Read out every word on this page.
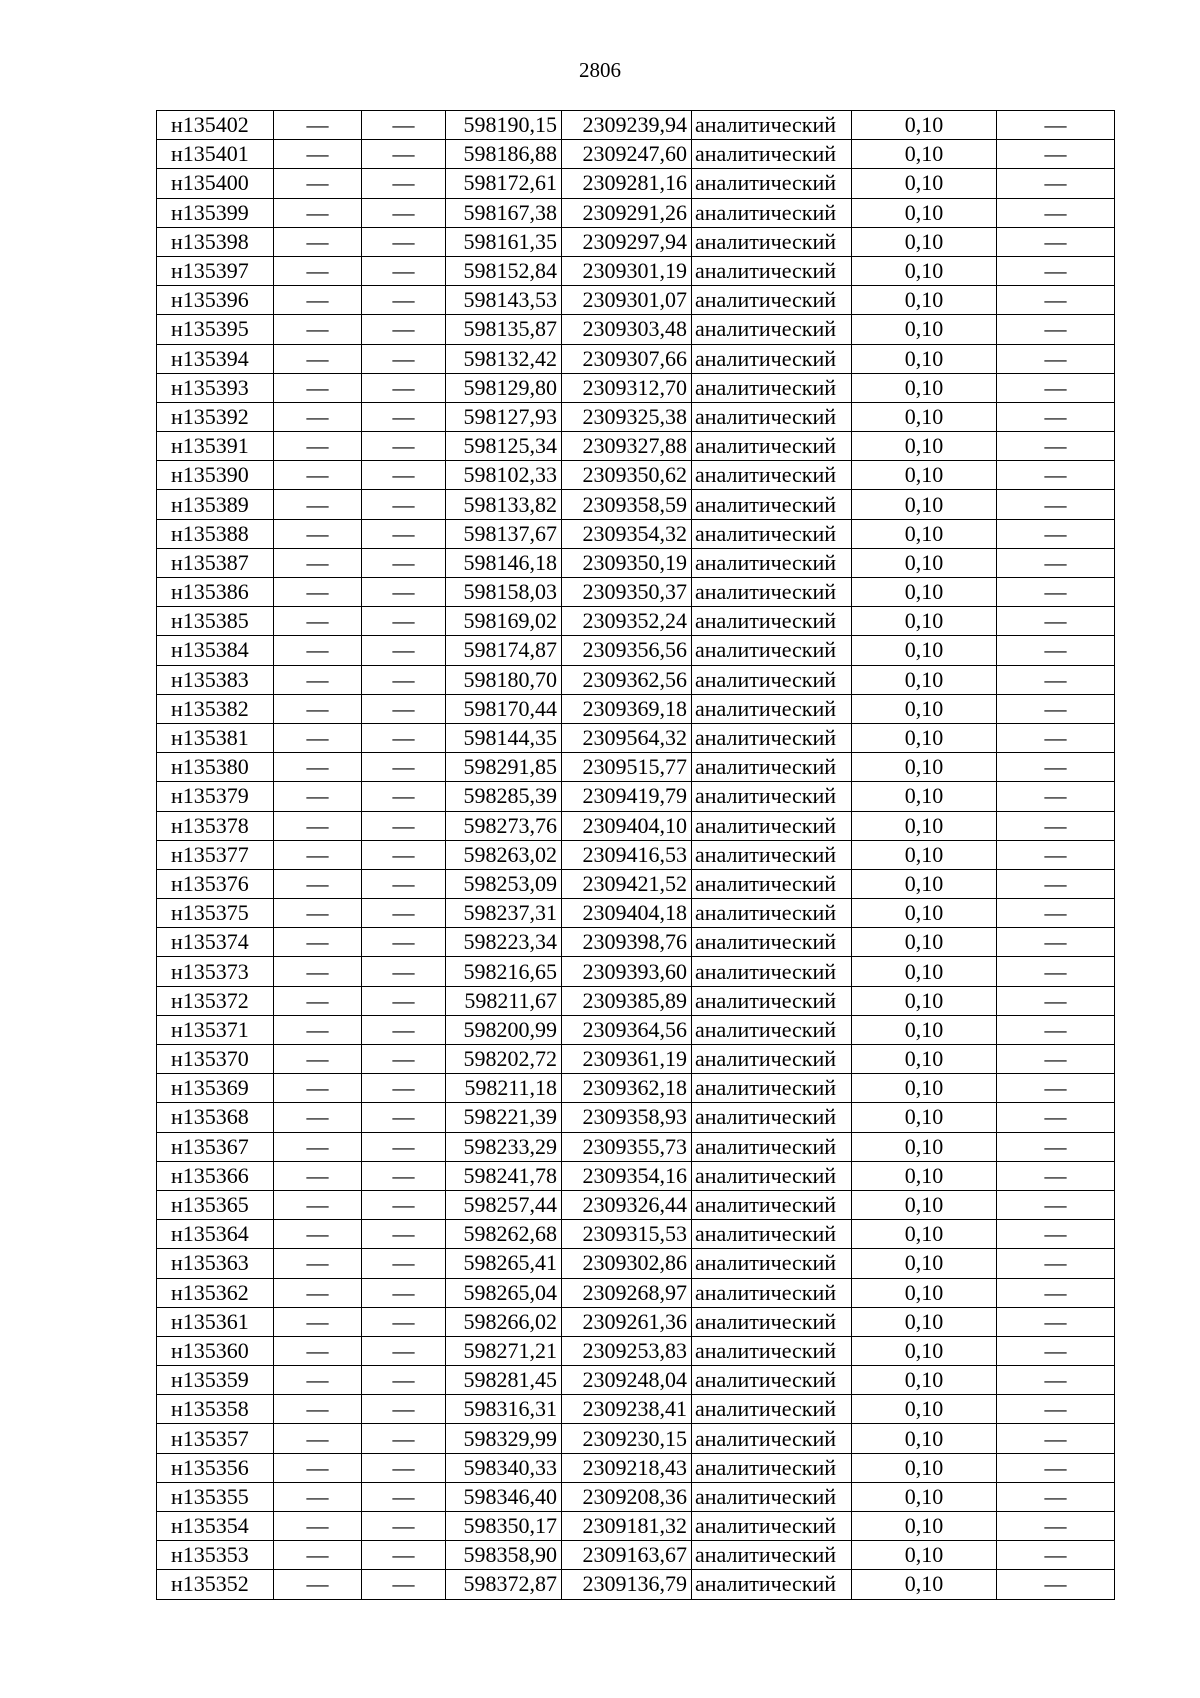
2806
н135402	—	—	598190,15	2309239,94	аналитический	0,10	—
н135401	—	—	598186,88	2309247,60	аналитический	0,10	—
н135400	—	—	598172,61	2309281,16	аналитический	0,10	—
н135399	—	—	598167,38	2309291,26	аналитический	0,10	—
н135398	—	—	598161,35	2309297,94	аналитический	0,10	—
н135397	—	—	598152,84	2309301,19	аналитический	0,10	—
н135396	—	—	598143,53	2309301,07	аналитический	0,10	—
н135395	—	—	598135,87	2309303,48	аналитический	0,10	—
н135394	—	—	598132,42	2309307,66	аналитический	0,10	—
н135393	—	—	598129,80	2309312,70	аналитический	0,10	—
н135392	—	—	598127,93	2309325,38	аналитический	0,10	—
н135391	—	—	598125,34	2309327,88	аналитический	0,10	—
н135390	—	—	598102,33	2309350,62	аналитический	0,10	—
н135389	—	—	598133,82	2309358,59	аналитический	0,10	—
н135388	—	—	598137,67	2309354,32	аналитический	0,10	—
н135387	—	—	598146,18	2309350,19	аналитический	0,10	—
н135386	—	—	598158,03	2309350,37	аналитический	0,10	—
н135385	—	—	598169,02	2309352,24	аналитический	0,10	—
н135384	—	—	598174,87	2309356,56	аналитический	0,10	—
н135383	—	—	598180,70	2309362,56	аналитический	0,10	—
н135382	—	—	598170,44	2309369,18	аналитический	0,10	—
н135381	—	—	598144,35	2309564,32	аналитический	0,10	—
н135380	—	—	598291,85	2309515,77	аналитический	0,10	—
н135379	—	—	598285,39	2309419,79	аналитический	0,10	—
н135378	—	—	598273,76	2309404,10	аналитический	0,10	—
н135377	—	—	598263,02	2309416,53	аналитический	0,10	—
н135376	—	—	598253,09	2309421,52	аналитический	0,10	—
н135375	—	—	598237,31	2309404,18	аналитический	0,10	—
н135374	—	—	598223,34	2309398,76	аналитический	0,10	—
н135373	—	—	598216,65	2309393,60	аналитический	0,10	—
н135372	—	—	598211,67	2309385,89	аналитический	0,10	—
н135371	—	—	598200,99	2309364,56	аналитический	0,10	—
н135370	—	—	598202,72	2309361,19	аналитический	0,10	—
н135369	—	—	598211,18	2309362,18	аналитический	0,10	—
н135368	—	—	598221,39	2309358,93	аналитический	0,10	—
н135367	—	—	598233,29	2309355,73	аналитический	0,10	—
н135366	—	—	598241,78	2309354,16	аналитический	0,10	—
н135365	—	—	598257,44	2309326,44	аналитический	0,10	—
н135364	—	—	598262,68	2309315,53	аналитический	0,10	—
н135363	—	—	598265,41	2309302,86	аналитический	0,10	—
н135362	—	—	598265,04	2309268,97	аналитический	0,10	—
н135361	—	—	598266,02	2309261,36	аналитический	0,10	—
н135360	—	—	598271,21	2309253,83	аналитический	0,10	—
н135359	—	—	598281,45	2309248,04	аналитический	0,10	—
н135358	—	—	598316,31	2309238,41	аналитический	0,10	—
н135357	—	—	598329,99	2309230,15	аналитический	0,10	—
н135356	—	—	598340,33	2309218,43	аналитический	0,10	—
н135355	—	—	598346,40	2309208,36	аналитический	0,10	—
н135354	—	—	598350,17	2309181,32	аналитический	0,10	—
н135353	—	—	598358,90	2309163,67	аналитический	0,10	—
н135352	—	—	598372,87	2309136,79	аналитический	0,10	—
